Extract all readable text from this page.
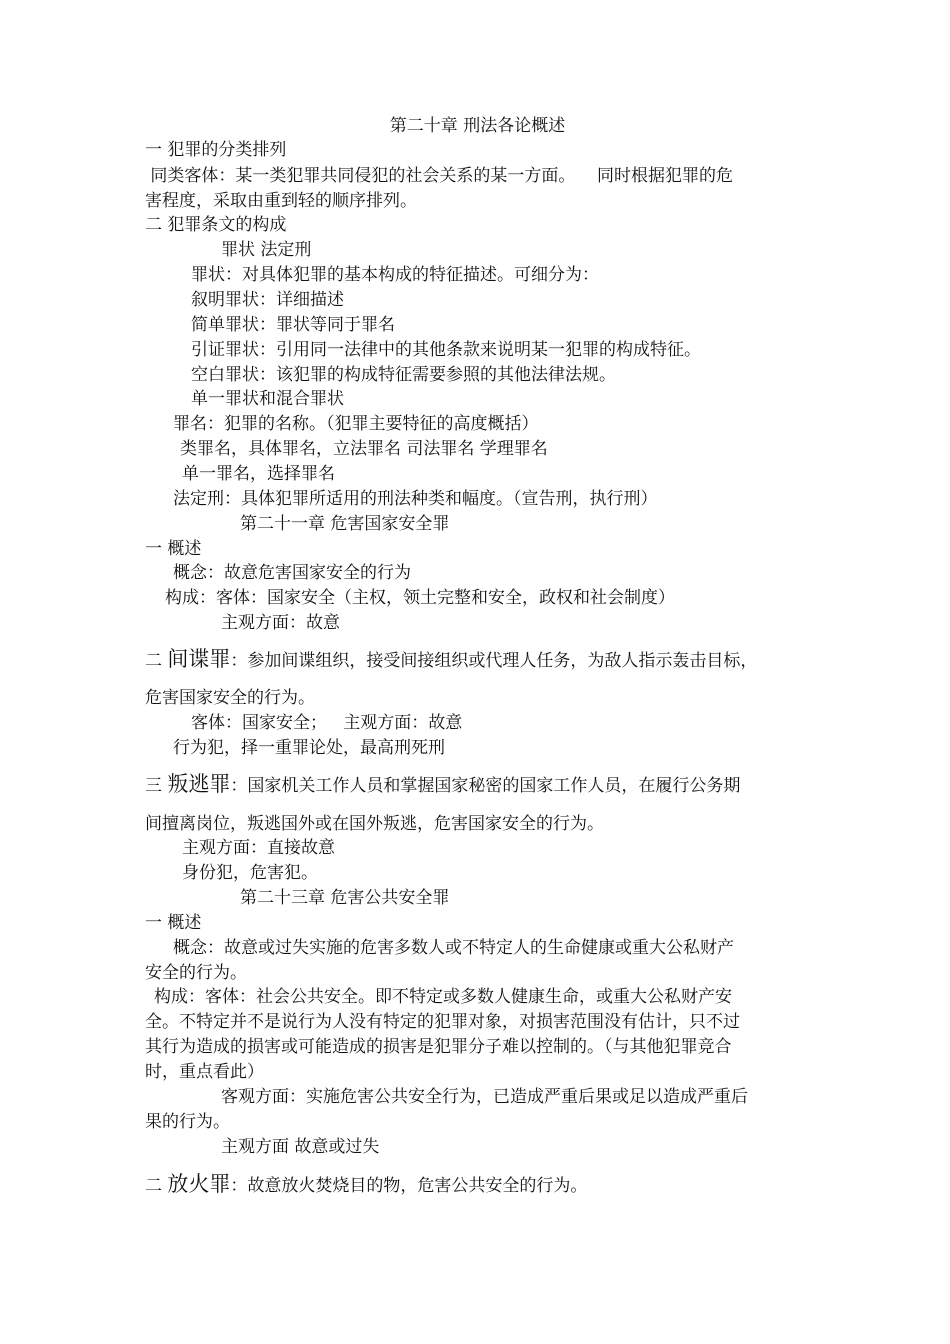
第二十章 刑法各论概述
一 犯罪的分类排列
同类客体：某一类犯罪共同侵犯的社会关系的某一方面。    同时根据犯罪的危
害程度，采取由重到轻的顺序排列。
二 犯罪条文的构成
罪状 法定刑
罪状：对具体犯罪的基本构成的特征描述。可细分为：
叙明罪状：详细描述
简单罪状：罪状等同于罪名
引证罪状：引用同一法律中的其他条款来说明某一犯罪的构成特征。
空白罪状：该犯罪的构成特征需要参照的其他法律法规。
单一罪状和混合罪状
罪名：犯罪的名称。（犯罪主要特征的高度概括）
类罪名，具体罪名，立法罪名 司法罪名 学理罪名
单一罪名，选择罪名
法定刑：具体犯罪所适用的刑法种类和幅度。（宣告刑，执行刑）
第二十一章 危害国家安全罪
一 概述
概念：故意危害国家安全的行为
构成：客体：国家安全（主权，领土完整和安全，政权和社会制度）
主观方面：故意
二 间谍罪：参加间谍组织，接受间接组织或代理人任务，为敌人指示轰击目标，
危害国家安全的行为。
客体：国家安全；   主观方面：故意
行为犯，择一重罪论处，最高刑死刑
三 叛逃罪：国家机关工作人员和掌握国家秘密的国家工作人员，在履行公务期
间擅离岗位，叛逃国外或在国外叛逃，危害国家安全的行为。
主观方面：直接故意
身份犯，危害犯。
第二十三章 危害公共安全罪
一 概述
概念：故意或过失实施的危害多数人或不特定人的生命健康或重大公私财产
安全的行为。
构成：客体：社会公共安全。即不特定或多数人健康生命，或重大公私财产安
全。不特定并不是说行为人没有特定的犯罪对象，对损害范围没有估计，只不过
其行为造成的损害或可能造成的损害是犯罪分子难以控制的。（与其他犯罪竞合
时，重点看此）
客观方面：实施危害公共安全行为，已造成严重后果或足以造成严重后
果的行为。
主观方面 故意或过失
二 放火罪：故意放火焚烧目的物，危害公共安全的行为。
